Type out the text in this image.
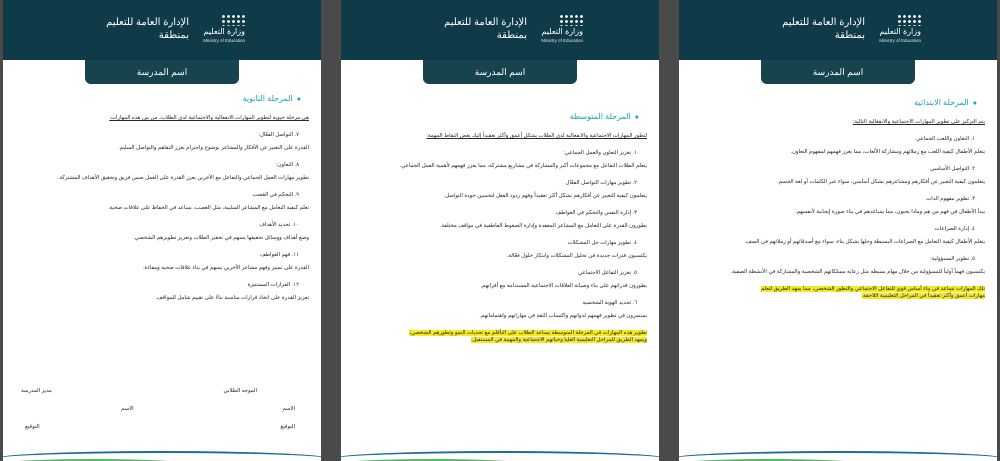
الإدارة العامة للتعليم
بمنطقة وزارة التعليم
Ministry of Education
اسم المدرسة
●المرحلة الثانوية
هي مرحلة حيوية لتطوير المهارات الانفعالية والاجتماعية لدى الطلاب، من بين هذه المهارات:
٧. التواصل الفعّال:
القدرة على التعبير عن الأفكار والمشاعر بوضوح واحترام يعزز التفاهم والتواصل السليم.
٨. التعاون:
تطوير مهارات العمل الجماعي والتفاعل مع الآخرين يعزز القدرة على العمل ضمن فريق وتحقيق الأهداف المشتركة.
٩. التحكم في الغضب
تعلم كيفية التعامل مع المشاعر السلبية، مثل الغضب، يساعد في الحفاظ على علاقات صحية.
١٠. تحديد الأهداف
وضع أهداف ووسائل تحقيقها يسهم في تحفيز الطلاب وتعزيز تطويرهم الشخصي.
١١. فهم العواطف
القدرة على تمييز وفهم مشاعر الآخرين يسهم في بناء علاقات صحية ومقاءة.
١٢. القرارات المستنيرة
تعزيز القدرة على اتخاذ قرارات مناسبة بناءً على تقييم شامل للمواقف.
الموجه الطلابي
مدير المدرسة
الاسم
الاسم
التوقيع
التوقيع
الإدارة العامة للتعليم
بمنطقة وزارة التعليم
Ministry of Education
اسم المدرسة
●المرحلة المتوسطة
لتطور المهارات الاجتماعية والانفعالية لدى الطلاب بشكل أعمق وأكثر تعقيداً إليك بعض النقاط المهمة:
١. تعزيز التعاون والعمل الجماعي:
يتعلم الطلاب التفاعل مع مجموعات أكبر والمشاركة في مشاريع مشتركة، مما يعزز فهمهم لأهمية العمل الجماعي.
٢. تطوير مهارات التواصل الفعّال
يتعلمون كيفية التعبير عن أفكارهم بشكل أكثر تعقيداً وفهم ردود الفعل لتحسين جودة التواصل.
٣. إدارة النفس والتحكم في العواطف
يطورون القدرة على التعامل مع المشاعر المعقدة وإدارة الضغوط العاطفية في مواقف مختلفة.
٤. تطوير مهارات حل المشكلات
يكتسبون قدرات جديدة في تحليل المشكلات وابتكار حلول فعّالة.
٥. تعزيز التفاعل الاجتماعي
يطورون قدراتهم على بناء وصيانة العلاقات الاجتماعية المستدامة مع أقرانهم.
٦. تحديد الهوية الشخصية
يستمرون في تطوير فهمهم لذواتهم واكتساب الثقة في مهاراتهم واهتماماتهم.
تطوير هذه المهارات في المرحلة المتوسطة يساعد الطلاب على التأقلم مع تحديات النمو وتطورهم الشخصي،
ويمهد الطريق للمراحل التعليمية العليا وحياتهم الاجتماعية والمهنية في المستقبل.
الإدارة العامة للتعليم
بمنطقة وزارة التعليم
Ministry of Education
اسم المدرسة
●المرحلة الابتدائية
يتم التركيز على تطوير المهارات الاجتماعية والانفعالية التالية:
١. التعاون واللعب الجماعي
يتعلم الأطفال كيفية اللعب مع زملائهم ومشاركة الألعاب، مما يعزز فهمهم لمفهوم التعاون.
٢. التواصل الأساسي
يتعلمون كيفية التعبير عن أفكارهم ومشاعرهم بشكل أساسي، سواء عبر الكلمات أو لغة الجسم.
٣. تطوير مفهوم الذات
يبدأ الأطفال في فهم من هم وماذا يحبون، مما يساعدهم في بناء صورة إيجابية لأنفسهم.
٤. إدارة الصراعات
يتعلم الأطفال كيفية التعامل مع الصراعات البسيطة وحلها بشكل بناء، سواء مع أصدقائهم أو زملائهم في الصف.
٥. تطوير المسؤولية:
يكتسبون فهماً أولياً للمسؤولية من خلال مهام بسيطة مثل رعاية ممتلكاتهم الشخصية والمشاركة في الأنشطة الصفية.
تلك المهارات تساعد في بناء أساس قوي للتفاعل الاجتماعي والتطور الشخصي، مما يمهد الطريق لتعلم
مهارات أعمق وأكثر تعقيداً في المراحل التعليمية اللاحقة.
